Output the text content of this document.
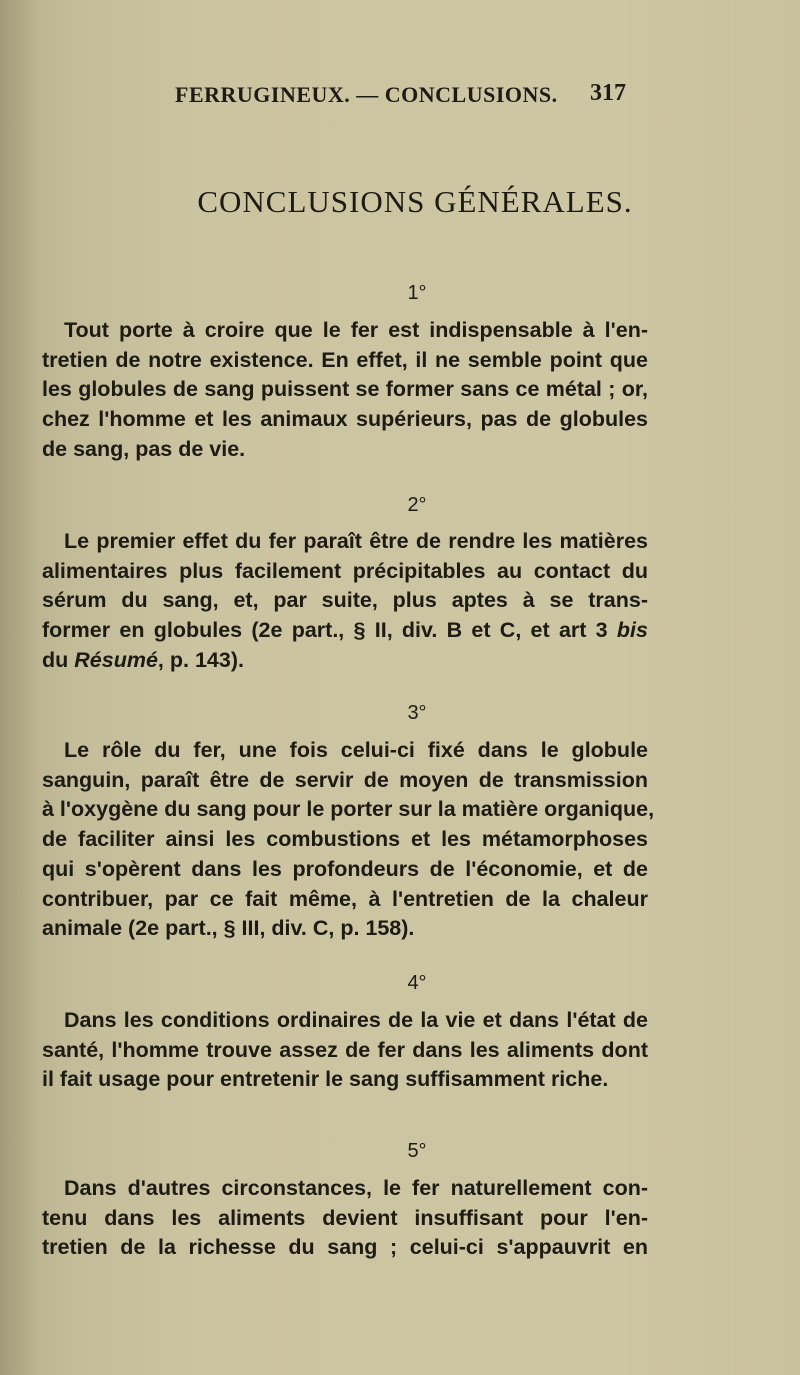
FERRUGINEUX. — CONCLUSIONS. 317
CONCLUSIONS GÉNÉRALES.
1°
Tout porte à croire que le fer est indispensable à l'en-
tretien de notre existence. En effet, il ne semble point que
les globules de sang puissent se former sans ce métal ; or,
chez l'homme et les animaux supérieurs, pas de globules
de sang, pas de vie.
2°
Le premier effet du fer paraît être de rendre les matières
alimentaires plus facilement précipitables au contact du
sérum du sang, et, par suite, plus aptes à se trans-
former en globules (2e part., § II, div. B et C, et art 3 bis
du Résumé, p. 143).
3°
Le rôle du fer, une fois celui-ci fixé dans le globule
sanguin, paraît être de servir de moyen de transmission
à l'oxygène du sang pour le porter sur la matière organique,
de faciliter ainsi les combustions et les métamorphoses
qui s'opèrent dans les profondeurs de l'économie, et de
contribuer, par ce fait même, à l'entretien de la chaleur
animale (2e part., § III, div. C, p. 158).
4°
Dans les conditions ordinaires de la vie et dans l'état de
santé, l'homme trouve assez de fer dans les aliments dont
il fait usage pour entretenir le sang suffisamment riche.
5°
Dans d'autres circonstances, le fer naturellement con-
tenu dans les aliments devient insuffisant pour l'en-
tretien de la richesse du sang ; celui-ci s'appauvrit en
